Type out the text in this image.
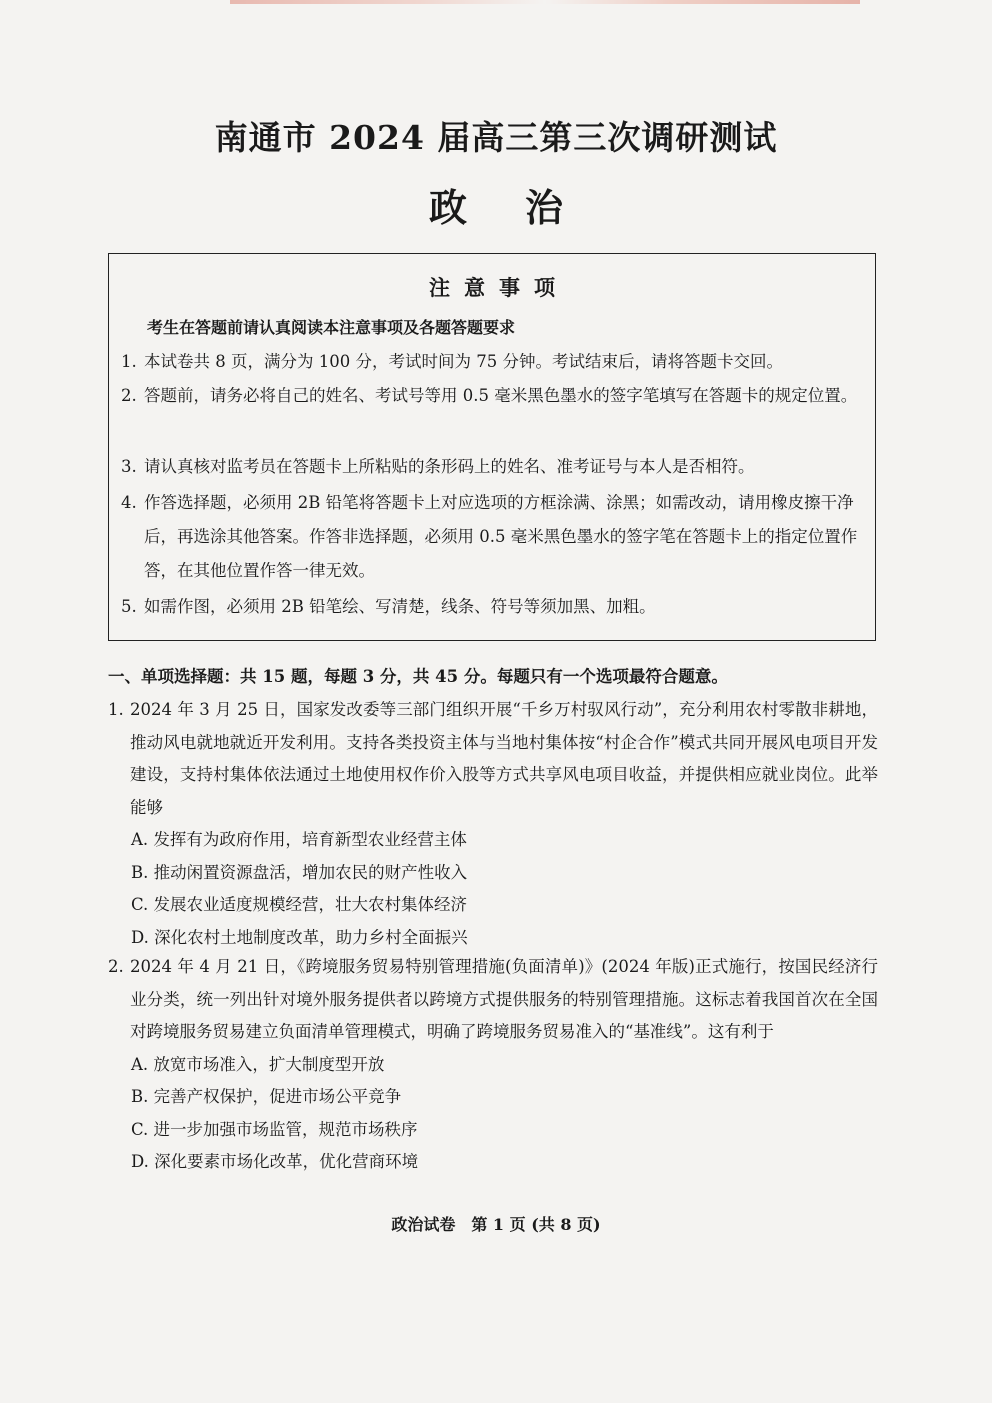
南通市 2024 届高三第三次调研测试
政治
注意事项
考生在答题前请认真阅读本注意事项及各题答题要求
1. 本试卷共 8 页，满分为 100 分，考试时间为 75 分钟。考试结束后，请将答题卡交回。
2. 答题前，请务必将自己的姓名、考试号等用 0.5 毫米黑色墨水的签字笔填写在答题卡的规定位置。
3. 请认真核对监考员在答题卡上所粘贴的条形码上的姓名、准考证号与本人是否相符。
4. 作答选择题，必须用 2B 铅笔将答题卡上对应选项的方框涂满、涂黑；如需改动，请用橡皮擦干净后，再选涂其他答案。作答非选择题，必须用 0.5 毫米黑色墨水的签字笔在答题卡上的指定位置作答，在其他位置作答一律无效。
5. 如需作图，必须用 2B 铅笔绘、写清楚，线条、符号等须加黑、加粗。
一、单项选择题：共 15 题，每题 3 分，共 45 分。每题只有一个选项最符合题意。
1. 2024 年 3 月 25 日，国家发改委等三部门组织开展“千乡万村驭风行动”，充分利用农村零散非耕地，推动风电就地就近开发利用。支持各类投资主体与当地村集体按“村企合作”模式共同开展风电项目开发建设，支持村集体依法通过土地使用权作价入股等方式共享风电项目收益，并提供相应就业岗位。此举能够
A. 发挥有为政府作用，培育新型农业经营主体
B. 推动闲置资源盘活，增加农民的财产性收入
C. 发展农业适度规模经营，壮大农村集体经济
D. 深化农村土地制度改革，助力乡村全面振兴
2. 2024 年 4 月 21 日，《跨境服务贸易特别管理措施(负面清单)》(2024 年版)正式施行，按国民经济行业分类，统一列出针对境外服务提供者以跨境方式提供服务的特别管理措施。这标志着我国首次在全国对跨境服务贸易建立负面清单管理模式，明确了跨境服务贸易准入的“基准线”。这有利于
A. 放宽市场准入，扩大制度型开放
B. 完善产权保护，促进市场公平竞争
C. 进一步加强市场监管，规范市场秩序
D. 深化要素市场化改革，优化营商环境
政治试卷　第 1 页 (共 8 页)
